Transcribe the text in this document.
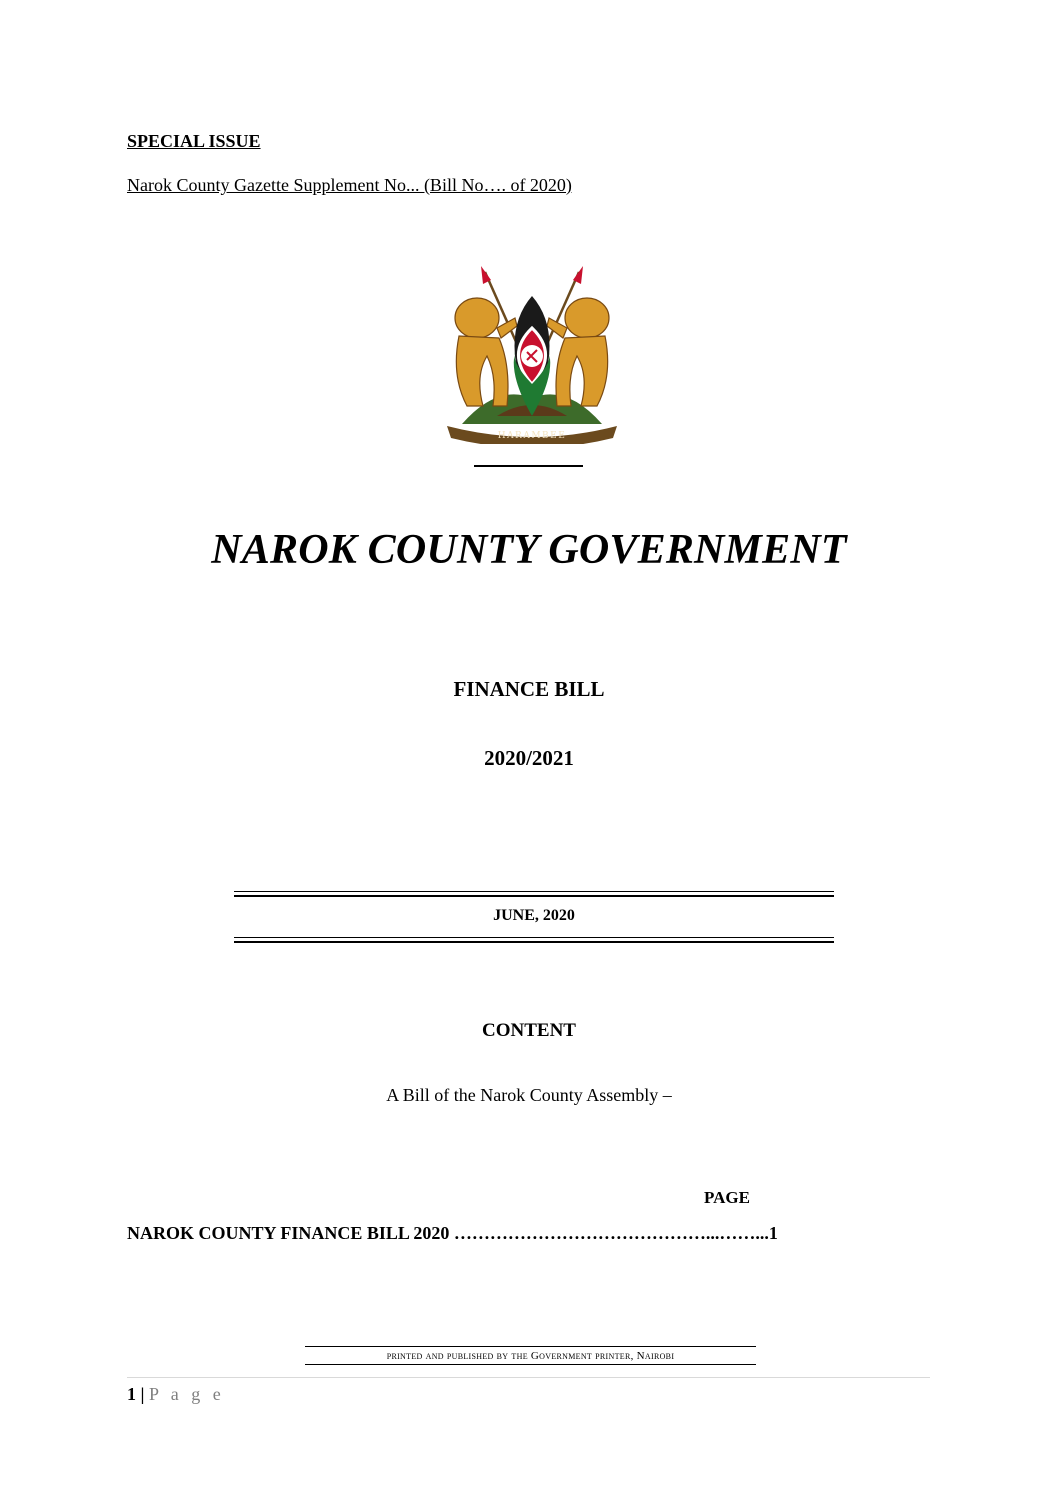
SPECIAL ISSUE
Narok County Gazette Supplement No... (Bill No…. of 2020)
HARAMBEE
NAROK COUNTY GOVERNMENT
FINANCE BILL
2020/2021
JUNE, 2020
CONTENT
A Bill of the Narok County Assembly –
PAGE
NAROK COUNTY FINANCE BILL 2020 ……………………………………...……...1
printed and published by the Government printer, Nairobi
1 | P a g e
